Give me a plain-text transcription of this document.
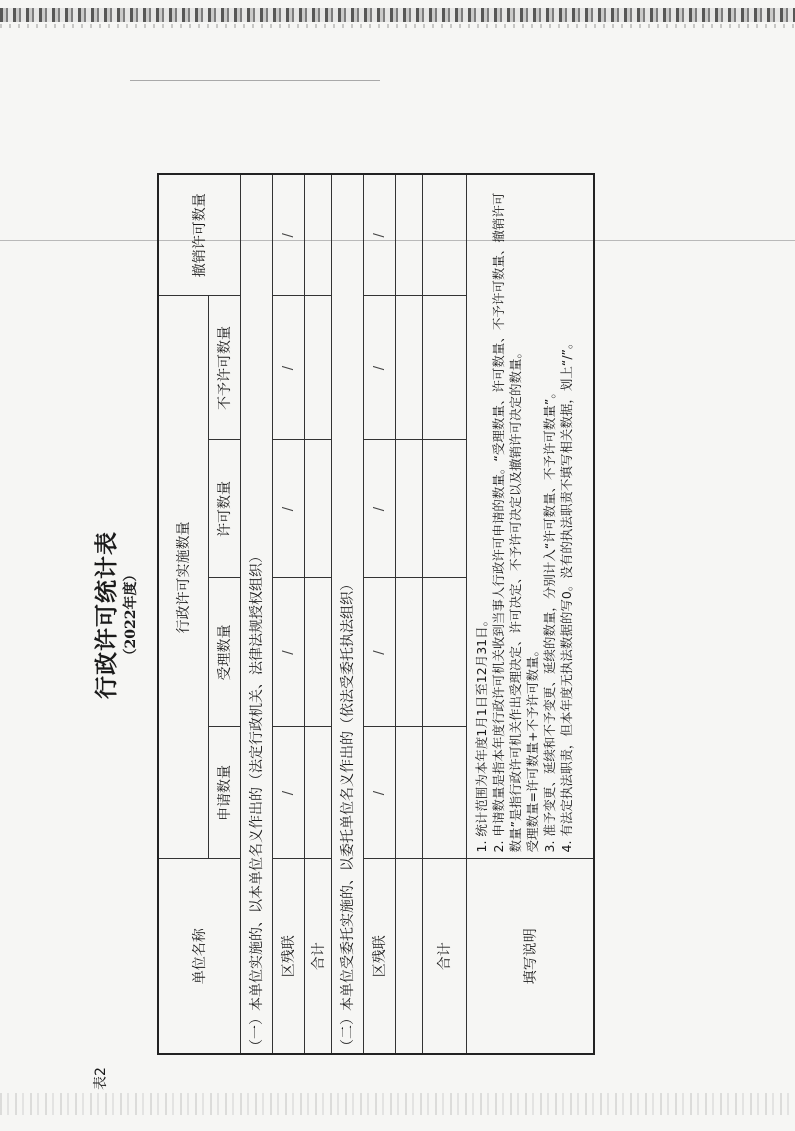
表2
行政许可统计表 （2022年度）
单位名称	行政许可实施数量				撤销许可数量
	申请数量	受理数量	许可数量	不予许可数量	
（一）本单位实施的、以本单位名义作出的（法定行政机关、法律法规授权组织）					
区残联	/	/	/	/	/
合计					
（二）本单位受委托实施的、以委托单位名义作出的（依法受委托执法组织）					
区残联	/	/	/	/	/

合计					
填写说明	1. 统计范围为本年度1月1日至12月31日。 2. 申请数量是指本年度行政许可机关收到当事人行政许可申请的数量。“受理数量、许可数量、不予许可数量、撤销许可数量”是指行政许可机关作出受理决定、许可决定、不予许可决定以及撤销许可决定的数量。 受理数量=许可数量+不予许可数量。 3. 准予变更、延续和不予变更、延续的数量，分别计入“许可数量、不予许可数量”。 4. 有法定执法职责，但本年度无执法数据的写0。没有的执法职责不填写相关数据，划上“/”。				
